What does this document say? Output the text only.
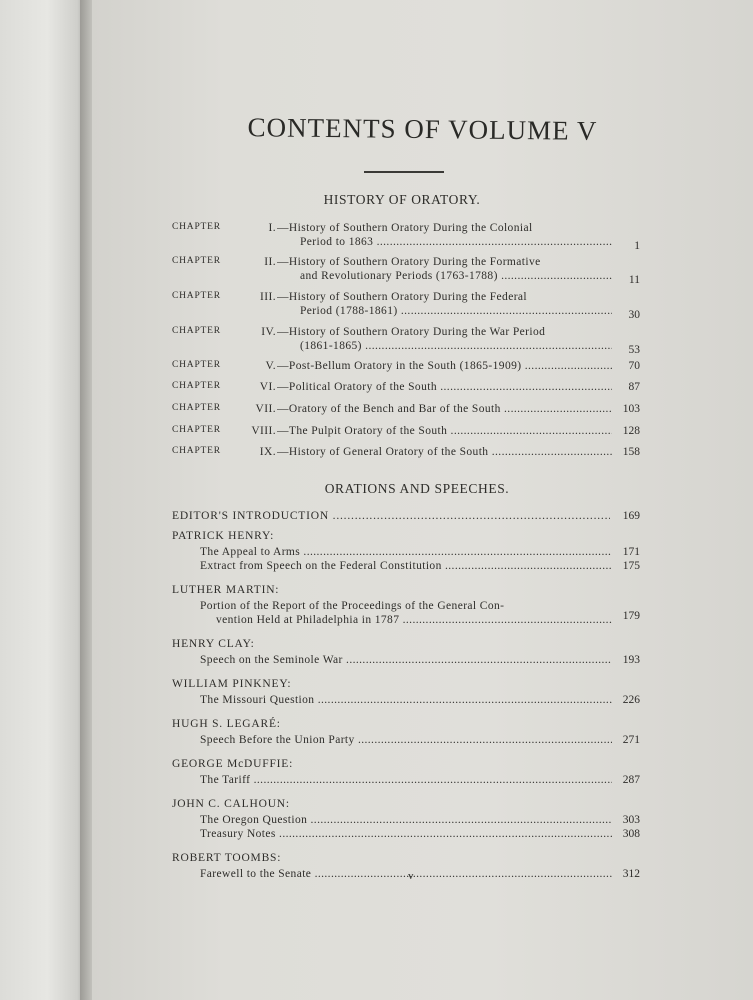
CONTENTS OF VOLUME V
HISTORY OF ORATORY.
CHAPTER	I. —History of Southern Oratory During the Colonial
Period to 1863 .....	1
CHAPTER	II. —History of Southern Oratory During the Formative
and Revolutionary Periods (1763-1788) .....	11
CHAPTER	III. —History of Southern Oratory During the Federal
Period (1788-1861) .....	30
CHAPTER	IV. —History of Southern Oratory During the War Period
(1861-1865) .....	53
CHAPTER	V. —Post-Bellum Oratory in the South (1865-1909) .....	70
CHAPTER	VI. —Political Oratory of the South .....	87
CHAPTER	VII. —Oratory of the Bench and Bar of the South .....	103
CHAPTER	VIII. —The Pulpit Oratory of the South .....	128
CHAPTER	IX. —History of General Oratory of the South .....	158
ORATIONS AND SPEECHES.
EDITOR'S INTRODUCTION .....	169
PATRICK HENRY:
The Appeal to Arms .....	171
Extract from Speech on the Federal Constitution .....	175
LUTHER MARTIN:
Portion of the Report of the Proceedings of the General Con-
vention Held at Philadelphia in 1787 .....	179
HENRY CLAY:
Speech on the Seminole War .....	193
WILLIAM PINKNEY:
The Missouri Question .....	226
HUGH S. LEGARÉ:
Speech Before the Union Party .....	271
GEORGE McDUFFIE:
The Tariff .....	287
JOHN C. CALHOUN:
The Oregon Question .....	303
Treasury Notes .....	308
ROBERT TOOMBS:
Farewell to the Senate .....	312
v
